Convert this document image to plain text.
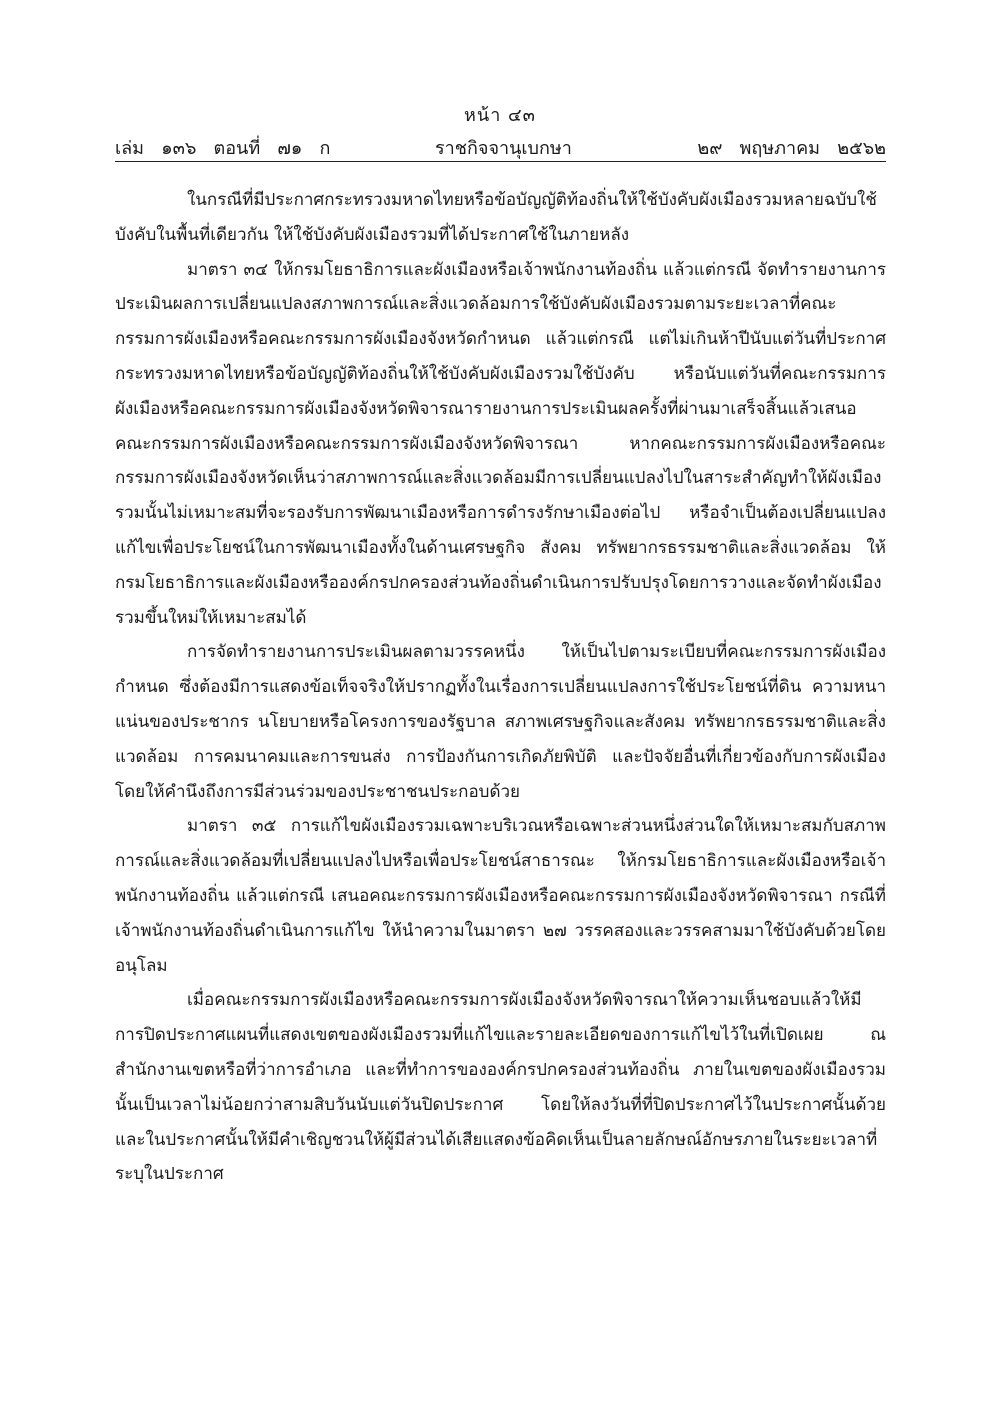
หน้า ๔๓
เล่ม   ๑๓๖   ตอนที่   ๗๑   ก	ราชกิจจานุเบกษา	๒๙   พฤษภาคม   ๒๕๖๒

ในกรณีที่มีประกาศกระทรวงมหาดไทยหรือข้อบัญญัติท้องถิ่นให้ใช้บังคับผังเมืองรวมหลายฉบับใช้บังคับในพื้นที่เดียวกัน ให้ใช้บังคับผังเมืองรวมที่ได้ประกาศใช้ในภายหลัง

มาตรา ๓๔ ให้กรมโยธาธิการและผังเมืองหรือเจ้าพนักงานท้องถิ่น แล้วแต่กรณี จัดทำรายงานการประเมินผลการเปลี่ยนแปลงสภาพการณ์และสิ่งแวดล้อมการใช้บังคับผังเมืองรวมตามระยะเวลาที่คณะกรรมการผังเมืองหรือคณะกรรมการผังเมืองจังหวัดกำหนด แล้วแต่กรณี แต่ไม่เกินห้าปีนับแต่วันที่ประกาศกระทรวงมหาดไทยหรือข้อบัญญัติท้องถิ่นให้ใช้บังคับผังเมืองรวมใช้บังคับ หรือนับแต่วันที่คณะกรรมการผังเมืองหรือคณะกรรมการผังเมืองจังหวัดพิจารณารายงานการประเมินผลครั้งที่ผ่านมาเสร็จสิ้นแล้วเสนอคณะกรรมการผังเมืองหรือคณะกรรมการผังเมืองจังหวัดพิจารณา หากคณะกรรมการผังเมืองหรือคณะกรรมการผังเมืองจังหวัดเห็นว่าสภาพการณ์และสิ่งแวดล้อมมีการเปลี่ยนแปลงไปในสาระสำคัญทำให้ผังเมืองรวมนั้นไม่เหมาะสมที่จะรองรับการพัฒนาเมืองหรือการดำรงรักษาเมืองต่อไป หรือจำเป็นต้องเปลี่ยนแปลงแก้ไขเพื่อประโยชน์ในการพัฒนาเมืองทั้งในด้านเศรษฐกิจ สังคม ทรัพยากรธรรมชาติและสิ่งแวดล้อม ให้กรมโยธาธิการและผังเมืองหรือองค์กรปกครองส่วนท้องถิ่นดำเนินการปรับปรุงโดยการวางและจัดทำผังเมืองรวมขึ้นใหม่ให้เหมาะสมได้

การจัดทำรายงานการประเมินผลตามวรรคหนึ่ง ให้เป็นไปตามระเบียบที่คณะกรรมการผังเมืองกำหนด ซึ่งต้องมีการแสดงข้อเท็จจริงให้ปรากฏทั้งในเรื่องการเปลี่ยนแปลงการใช้ประโยชน์ที่ดิน ความหนาแน่นของประชากร นโยบายหรือโครงการของรัฐบาล สภาพเศรษฐกิจและสังคม ทรัพยากรธรรมชาติและสิ่งแวดล้อม การคมนาคมและการขนส่ง การป้องกันการเกิดภัยพิบัติ และปัจจัยอื่นที่เกี่ยวข้องกับการผังเมือง โดยให้คำนึงถึงการมีส่วนร่วมของประชาชนประกอบด้วย

มาตรา ๓๕ การแก้ไขผังเมืองรวมเฉพาะบริเวณหรือเฉพาะส่วนหนึ่งส่วนใดให้เหมาะสมกับสภาพการณ์และสิ่งแวดล้อมที่เปลี่ยนแปลงไปหรือเพื่อประโยชน์สาธารณะ ให้กรมโยธาธิการและผังเมืองหรือเจ้าพนักงานท้องถิ่น แล้วแต่กรณี เสนอคณะกรรมการผังเมืองหรือคณะกรรมการผังเมืองจังหวัดพิจารณา กรณีที่เจ้าพนักงานท้องถิ่นดำเนินการแก้ไข ให้นำความในมาตรา ๒๗ วรรคสองและวรรคสามมาใช้บังคับด้วยโดยอนุโลม

เมื่อคณะกรรมการผังเมืองหรือคณะกรรมการผังเมืองจังหวัดพิจารณาให้ความเห็นชอบแล้วให้มีการปิดประกาศแผนที่แสดงเขตของผังเมืองรวมที่แก้ไขและรายละเอียดของการแก้ไขไว้ในที่เปิดเผย ณ สำนักงานเขตหรือที่ว่าการอำเภอ และที่ทำการขององค์กรปกครองส่วนท้องถิ่น ภายในเขตของผังเมืองรวมนั้นเป็นเวลาไม่น้อยกว่าสามสิบวันนับแต่วันปิดประกาศ โดยให้ลงวันที่ที่ปิดประกาศไว้ในประกาศนั้นด้วย และในประกาศนั้นให้มีคำเชิญชวนให้ผู้มีส่วนได้เสียแสดงข้อคิดเห็นเป็นลายลักษณ์อักษรภายในระยะเวลาที่ระบุในประกาศ
